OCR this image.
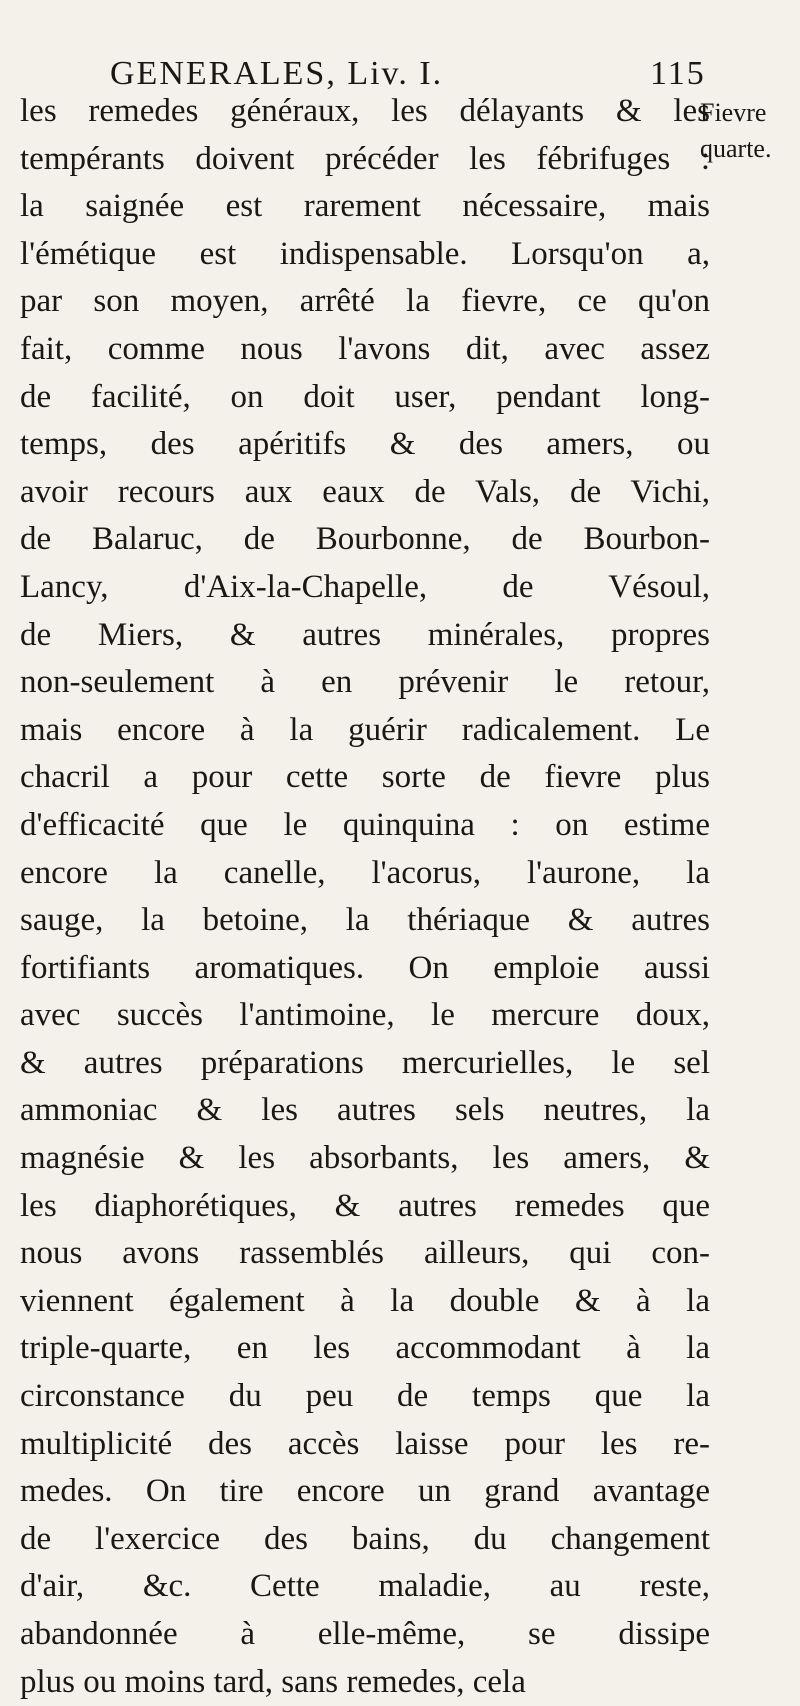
GENERALES, Liv. I.	115
Fievre
quarte.
les remedes généraux, les délayants & les
tempérants doivent précéder les fébrifuges :
la saignée est rarement nécessaire, mais
l'émétique est indispensable. Lorsqu'on a,
par son moyen, arrêté la fievre, ce qu'on
fait, comme nous l'avons dit, avec assez
de facilité, on doit user, pendant long-
temps, des apéritifs & des amers, ou
avoir recours aux eaux de Vals, de Vichi,
de Balaruc, de Bourbonne, de Bourbon-
Lancy, d'Aix-la-Chapelle, de Vésoul,
de Miers, & autres minérales, propres
non-seulement à en prévenir le retour,
mais encore à la guérir radicalement. Le
chacril a pour cette sorte de fievre plus
d'efficacité que le quinquina : on estime
encore la canelle, l'acorus, l'aurone, la
sauge, la betoine, la thériaque & autres
fortifiants aromatiques. On emploie aussi
avec succès l'antimoine, le mercure doux,
& autres préparations mercurielles, le sel
ammoniac & les autres sels neutres, la
magnésie & les absorbants, les amers, &
les diaphorétiques, & autres remedes que
nous avons rassemblés ailleurs, qui con-
viennent également à la double & à la
triple-quarte, en les accommodant à la
circonstance du peu de temps que la
multiplicité des accès laisse pour les re-
medes. On tire encore un grand avantage
de l'exercice des bains, du changement
d'air, &c. Cette maladie, au reste,
abandonnée à elle-même, se dissipe
plus ou moins tard, sans remedes, cela
